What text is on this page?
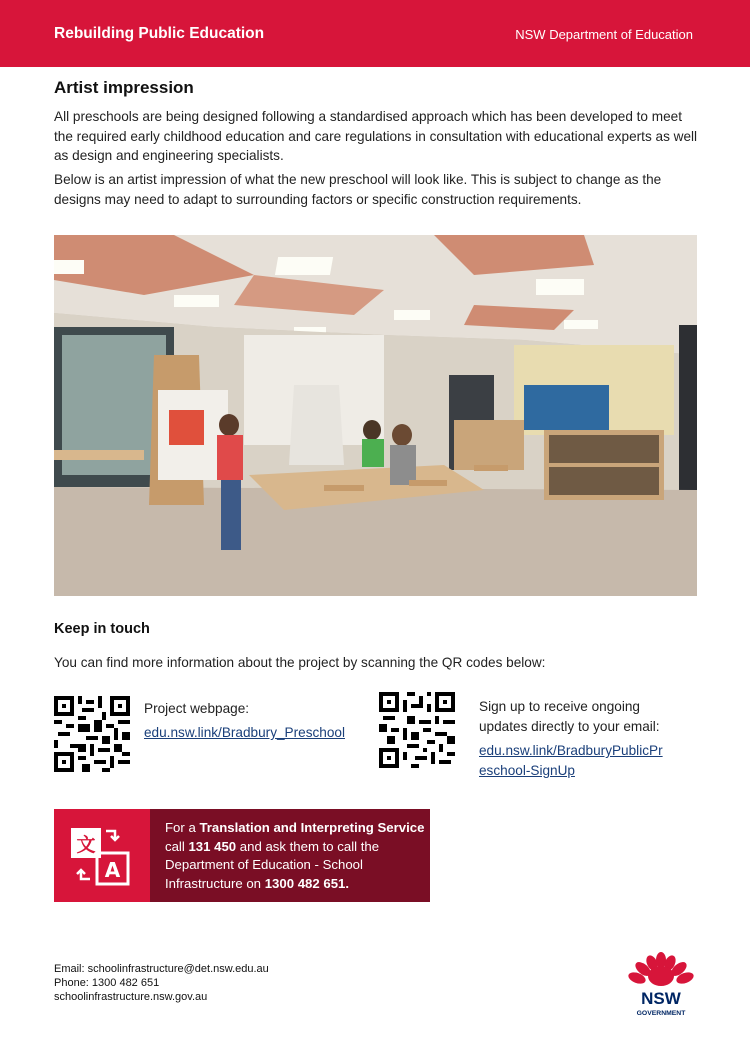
Rebuilding Public Education	NSW Department of Education
Artist impression
All preschools are being designed following a standardised approach which has been developed to meet the required early childhood education and care regulations in consultation with educational experts as well as design and engineering specialists.
Below is an artist impression of what the new preschool will look like. This is subject to change as the designs may need to adapt to surrounding factors or specific construction requirements.
Keep in touch
You can find more information about the project by scanning the QR codes below:
Project webpage:
edu.nsw.link/Bradbury_Preschool
Sign up to receive ongoing updates directly to your email:
edu.nsw.link/BradburyPublicPr
eschool-SignUp
文
A
For a Translation and Interpreting Service call 131 450 and ask them to call the Department of Education - School Infrastructure on 1300 482 651.
Email: schoolinfrastructure@det.nsw.edu.au
Phone: 1300 482 651
schoolinfrastructure.nsw.gov.au	NSW
GOVERNMENT
